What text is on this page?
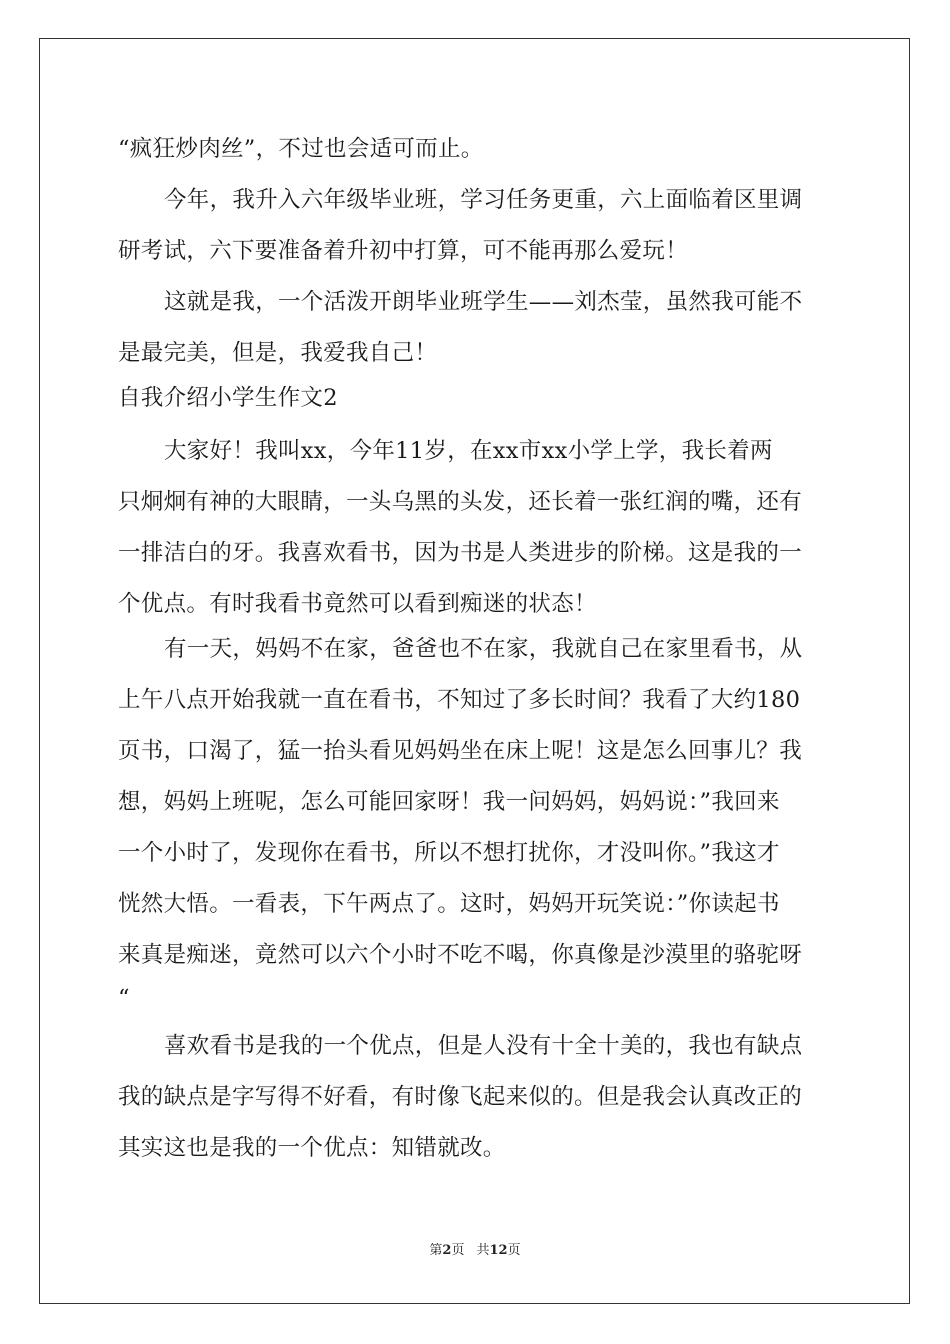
“疯狂炒肉丝”，不过也会适可而止。
今年，我升入六年级毕业班，学习任务更重，六上面临着区里调
研考试，六下要准备着升初中打算，可不能再那么爱玩！
这就是我，一个活泼开朗毕业班学生——刘杰莹，虽然我可能不
是最完美，但是，我爱我自己！
自我介绍小学生作文2
大家好！我叫xx，今年11岁，在xx市xx小学上学，我长着两
只炯炯有神的大眼睛，一头乌黑的头发，还长着一张红润的嘴，还有
一排洁白的牙。我喜欢看书，因为书是人类进步的阶梯。这是我的一
个优点。有时我看书竟然可以看到痴迷的状态！
有一天，妈妈不在家，爸爸也不在家，我就自己在家里看书，从
上午八点开始我就一直在看书，不知过了多长时间？我看了大约180
页书，口渴了，猛一抬头看见妈妈坐在床上呢！这是怎么回事儿？我
想，妈妈上班呢，怎么可能回家呀！我一问妈妈，妈妈说：”我回来
一个小时了，发现你在看书，所以不想打扰你，才没叫你。”我这才
恍然大悟。一看表，下午两点了。这时，妈妈开玩笑说：”你读起书
来真是痴迷，竟然可以六个小时不吃不喝，你真像是沙漠里的骆驼呀
“
喜欢看书是我的一个优点，但是人没有十全十美的，我也有缺点
我的缺点是字写得不好看，有时像飞起来似的。但是我会认真改正的
其实这也是我的一个优点：知错就改。
第2页 共12页
